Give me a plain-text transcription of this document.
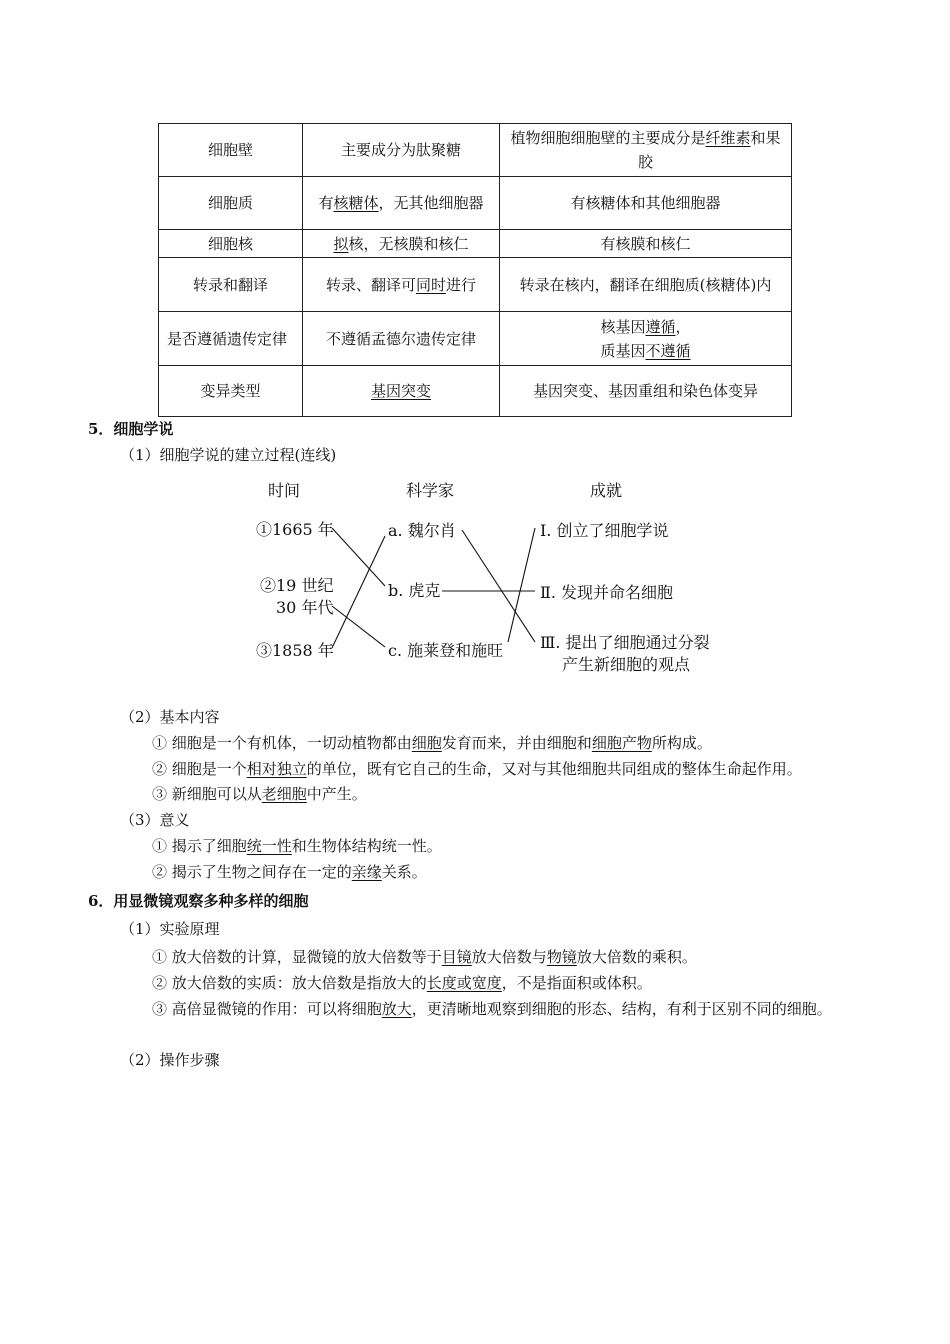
细胞壁	主要成分为肽聚糖	植物细胞细胞壁的主要成分是纤维素和果胶
细胞质	有核糖体，无其他细胞器	有核糖体和其他细胞器
细胞核	拟核，无核膜和核仁	有核膜和核仁
转录和翻译	转录、翻译可同时进行	转录在核内，翻译在细胞质(核糖体)内
是否遵循遗传定律	不遵循孟德尔遗传定律	核基因遵循，
质基因不遵循
变异类型	基因突变	基因突变、基因重组和染色体变异
5．细胞学说
（1）细胞学说的建立过程(连线)
时间	科学家	成就
①1665 年
②19 世纪
30 年代
③1858 年
a. 魏尔肖
b. 虎克
c. 施莱登和施旺
Ⅰ. 创立了细胞学说
Ⅱ. 发现并命名细胞
Ⅲ. 提出了细胞通过分裂
产生新细胞的观点
（2）基本内容
① 细胞是一个有机体，一切动植物都由细胞发育而来，并由细胞和细胞产物所构成。
② 细胞是一个相对独立的单位，既有它自己的生命，又对与其他细胞共同组成的整体生命起作用。
③ 新细胞可以从老细胞中产生。
（3）意义
① 揭示了细胞统一性和生物体结构统一性。
② 揭示了生物之间存在一定的亲缘关系。
6．用显微镜观察多种多样的细胞
（1）实验原理
① 放大倍数的计算，显微镜的放大倍数等于目镜放大倍数与物镜放大倍数的乘积。
② 放大倍数的实质：放大倍数是指放大的长度或宽度，不是指面积或体积。
③ 高倍显微镜的作用：可以将细胞放大，更清晰地观察到细胞的形态、结构，有利于区别不同的细胞。
（2）操作步骤
